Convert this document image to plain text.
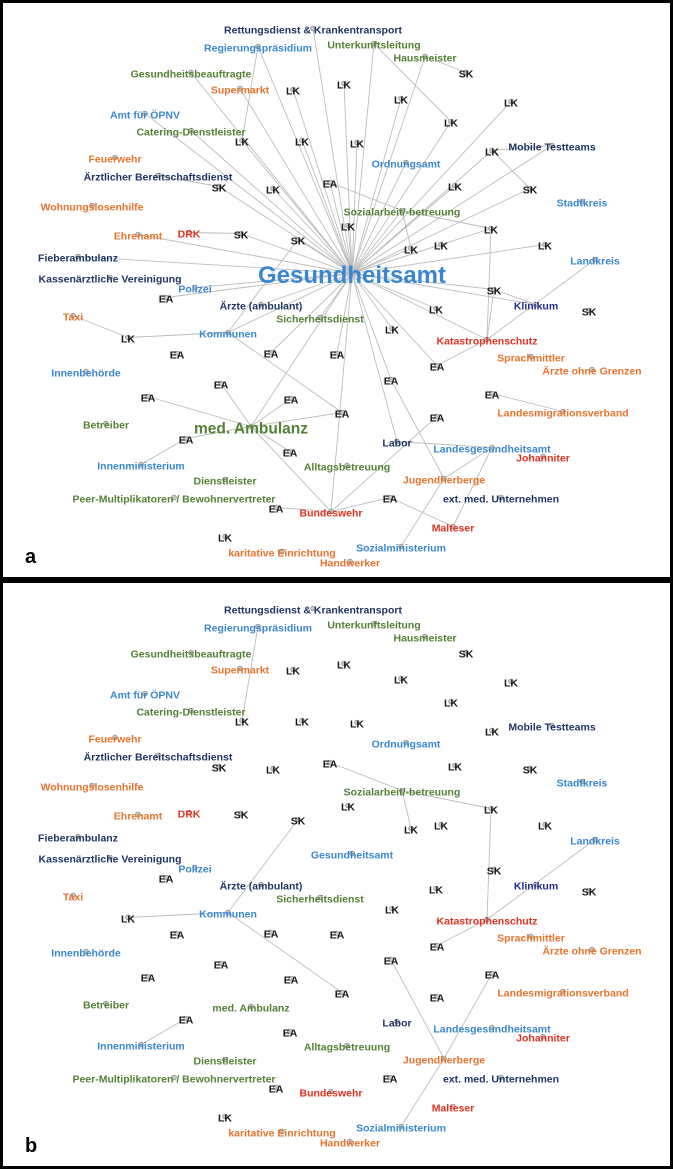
Rettungsdienst & Krankentransport
Regierungspräsidium Unterkunftsleitung
Hausmeister
Gesundheitsbeauftragte
Supermarkt
Amt für ÖPNV
Catering-Dienstleister
Feuerwehr
Ärztlicher Bereitschaftsdienst
Mobile Testteams
Ordnungsamt
Wohnungslosenhilfe	Sozialarbeit/-betreuung
Stadtkreis
Ehrenamt DRK
Fieberambulanz	Landkreis
Kassenärztliche Vereinigung	Gesundheitsamt
Polizei
Ärzte (ambulant)
Sicherheitsdienst
Taxi
Kommunen
Klinikum
Katastrophenschutz
Sprachmittler
Ärzte ohne Grenzen
Innenbehörde
Betreiber	med. Ambulanz
Landesmigrationsverband
Labor Landesgesundheitsamt
Johanniter
Alltagsbetreuung
Jugendherberge
Innenministerium
Dienstleister
Peer-Multiplikatoren / Bewohnervertreter
Bundeswehr
ext. med. Unternehmen
Malteser
Sozialministerium
karitative Einrichtung
Handwerker
SK
SK	SK
SK	SK
SK
SK
LK	LK
LK	LK
LK	LK	LK
LK
LK
LK
LK
LK
LK
LK
LK
LK
LK LK
LK
LK
EA
EA
EA
EA
EA
EA	EA
EA
EA
EA
EA
EA
EA
EA
EA
EA
EA
a
Rettungsdienst & Krankentransport
Regierungspräsidium Unterkunftsleitung
Hausmeister
Gesundheitsbeauftragte
Supermarkt
Amt für ÖPNV
Catering-Dienstleister
Feuerwehr
Ärztlicher Bereitschaftsdienst
Mobile Testteams
Ordnungsamt
Wohnungslosenhilfe	Sozialarbeit/-betreuung
Stadtkreis
Ehrenamt DRK
Fieberambulanz	Landkreis
Kassenärztliche Vereinigung	Gesundheitsamt
Polizei
Ärzte (ambulant)
Sicherheitsdienst
Taxi
Kommunen
Klinikum
Katastrophenschutz
Sprachmittler
Ärzte ohne Grenzen
Innenbehörde
Betreiber	med. Ambulanz
Landesmigrationsverband
Labor Landesgesundheitsamt
Johanniter
Alltagsbetreuung
Jugendherberge
Innenministerium
Dienstleister
Peer-Multiplikatoren / Bewohnervertreter
Bundeswehr
ext. med. Unternehmen
Malteser
Sozialministerium
karitative Einrichtung
Handwerker
SK
SK	SK
SK	SK
SK
SK
LK	LK
LK	LK
LK	LK	LK
LK
LK
LK
LK
LK
LK
LK
LK
LK
LK LK
LK
LK
EA
EA
EA
EA
EA
EA	EA
EA
EA
EA
EA
EA
EA
EA
EA
EA
EA
b
